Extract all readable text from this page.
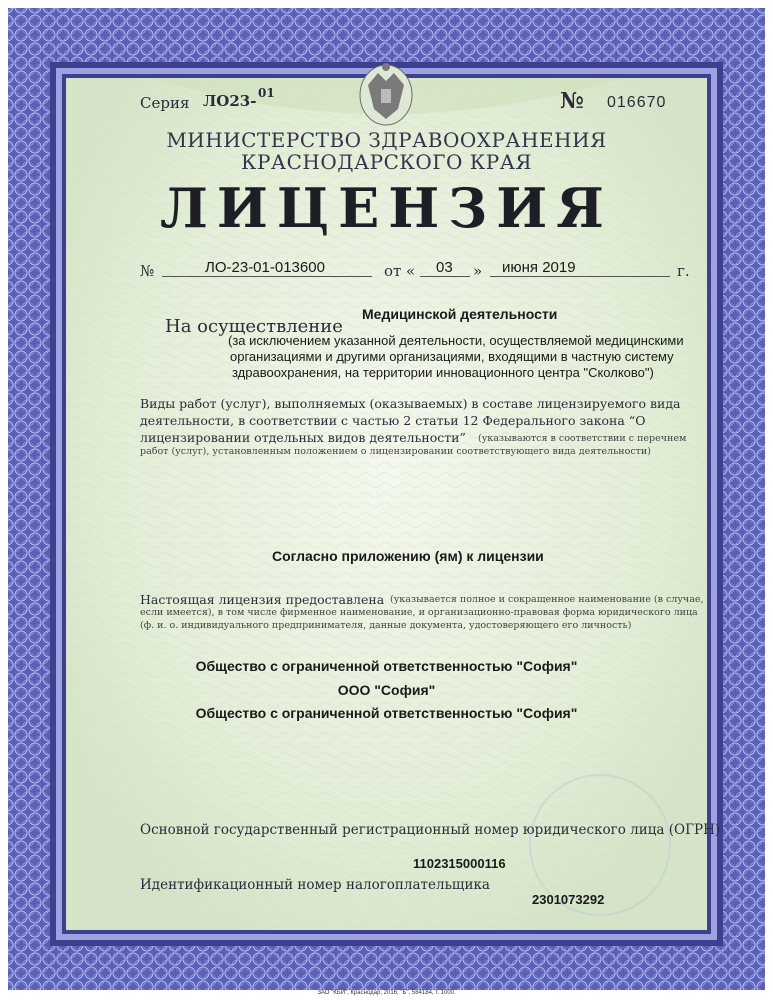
Серия ЛО23- 01	№ 016670
МИНИСТЕРСТВО ЗДРАВООХРАНЕНИЯ
КРАСНОДАРСКОГО КРАЯ
ЛИЦЕНЗИЯ
№	ЛО-23-01-013600	от « 03 » июня 2019	г.
Медицинской деятельности
На осуществление
(за исключением указанной деятельности, осуществляемой медицинскими
организациями и другими организациями, входящими в частную систему
здравоохранения, на территории инновационного центра "Сколково")
Виды работ (услуг), выполняемых (оказываемых) в составе лицензируемого вида
деятельности, в соответствии с частью 2 статьи 12 Федерального закона “О
лицензировании отдельных видов деятельности” (указываются в соответствии с перечнем
работ (услуг), установленным положением о лицензировании соответствующего вида деятельности)
Согласно приложению (ям) к лицензии
Настоящая лицензия предоставлена (указывается полное и сокращенное наименование (в случае,
если имеется), в том числе фирменное наименование, и организационно-правовая форма юридического лица
(ф. и. о. индивидуального предпринимателя, данные документа, удостоверяющего его личность)
Общество с ограниченной ответственностью "София"
ООО "София"
Общество с ограниченной ответственностью "София"
Основной государственный регистрационный номер юридического лица (ОГРН)
1102315000116
Идентификационный номер налогоплательщика
2301073292
ЗАО "КБИ", Краснодар, 2016, "Б", 584184, т. 1000.
